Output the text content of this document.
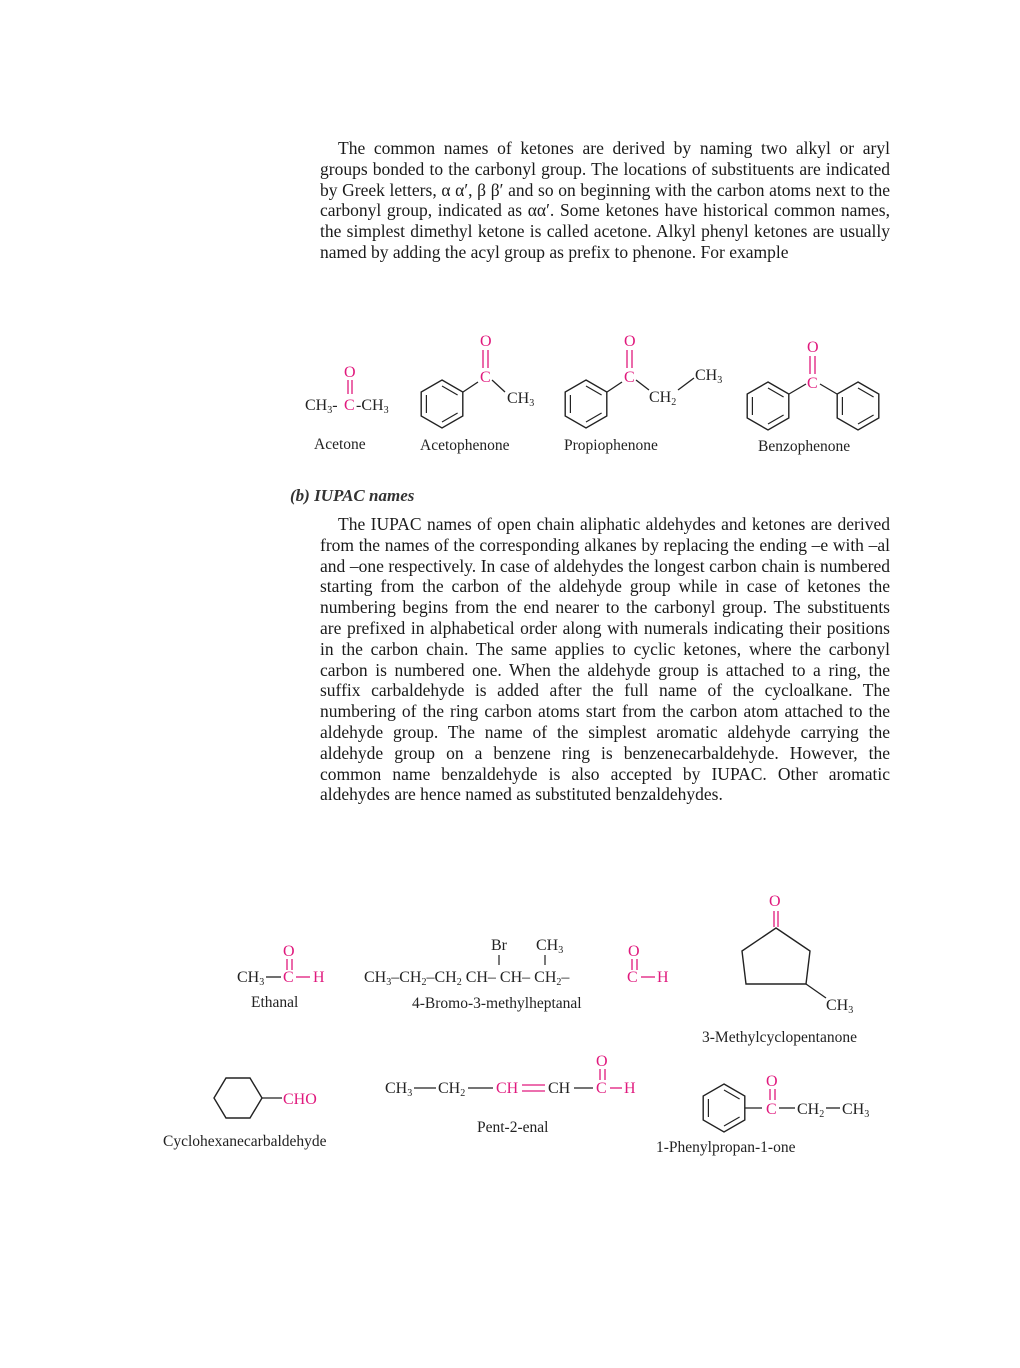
The common names of ketones are derived by naming two alkyl or aryl groups bonded to the carbonyl group. The locations of substituents are indicated by Greek letters, α α′, β β′ and so on beginning with the carbon atoms next to the carbonyl group, indicated as αα′. Some ketones have historical common names, the simplest dimethyl ketone is called acetone. Alkyl phenyl ketones are usually named by adding the acyl group as prefix to phenone. For example

(b) IUPAC names

The IUPAC names of open chain aliphatic aldehydes and ketones are derived from the names of the corresponding alkanes by replacing the ending –e with –al and –one respectively. In case of aldehydes the longest carbon chain is numbered starting from the carbon of the aldehyde group while in case of ketones the numbering begins from the end nearer to the carbonyl group. The substituents are prefixed in alphabetical order along with numerals indicating their positions in the carbon chain. The same applies to cyclic ketones, where the carbonyl carbon is numbered one. When the aldehyde group is attached to a ring, the suffix carbaldehyde is added after the full name of the cycloalkane. The numbering of the ring carbon atoms start from the carbon atom attached to the aldehyde group. The name of the simplest aromatic aldehyde carrying the aldehyde group on a benzene ring is benzenecarbaldehyde. However, the common name benzaldehyde is also accepted by IUPAC. Other aromatic aldehydes are hence named as substituted benzaldehydes.

O
CH3- C -CH3
Acetone
C
O
CH3
Acetophenone
C
O
CH2
CH3
Propiophenone
C
O
Benzophenone
O
CH3 C H
Ethanal
Br CH3	O
CH3–CH2–CH2 CH– CH– CH2–	C H
4-Bromo-3-methylheptanal
O
CH3
3-Methylcyclopentanone
CHO
Cyclohexanecarbaldehyde
O
CH3 CH2 CH CH C H
Pent-2-enal
O
C CH2 CH3
1-Phenylpropan-1-one
